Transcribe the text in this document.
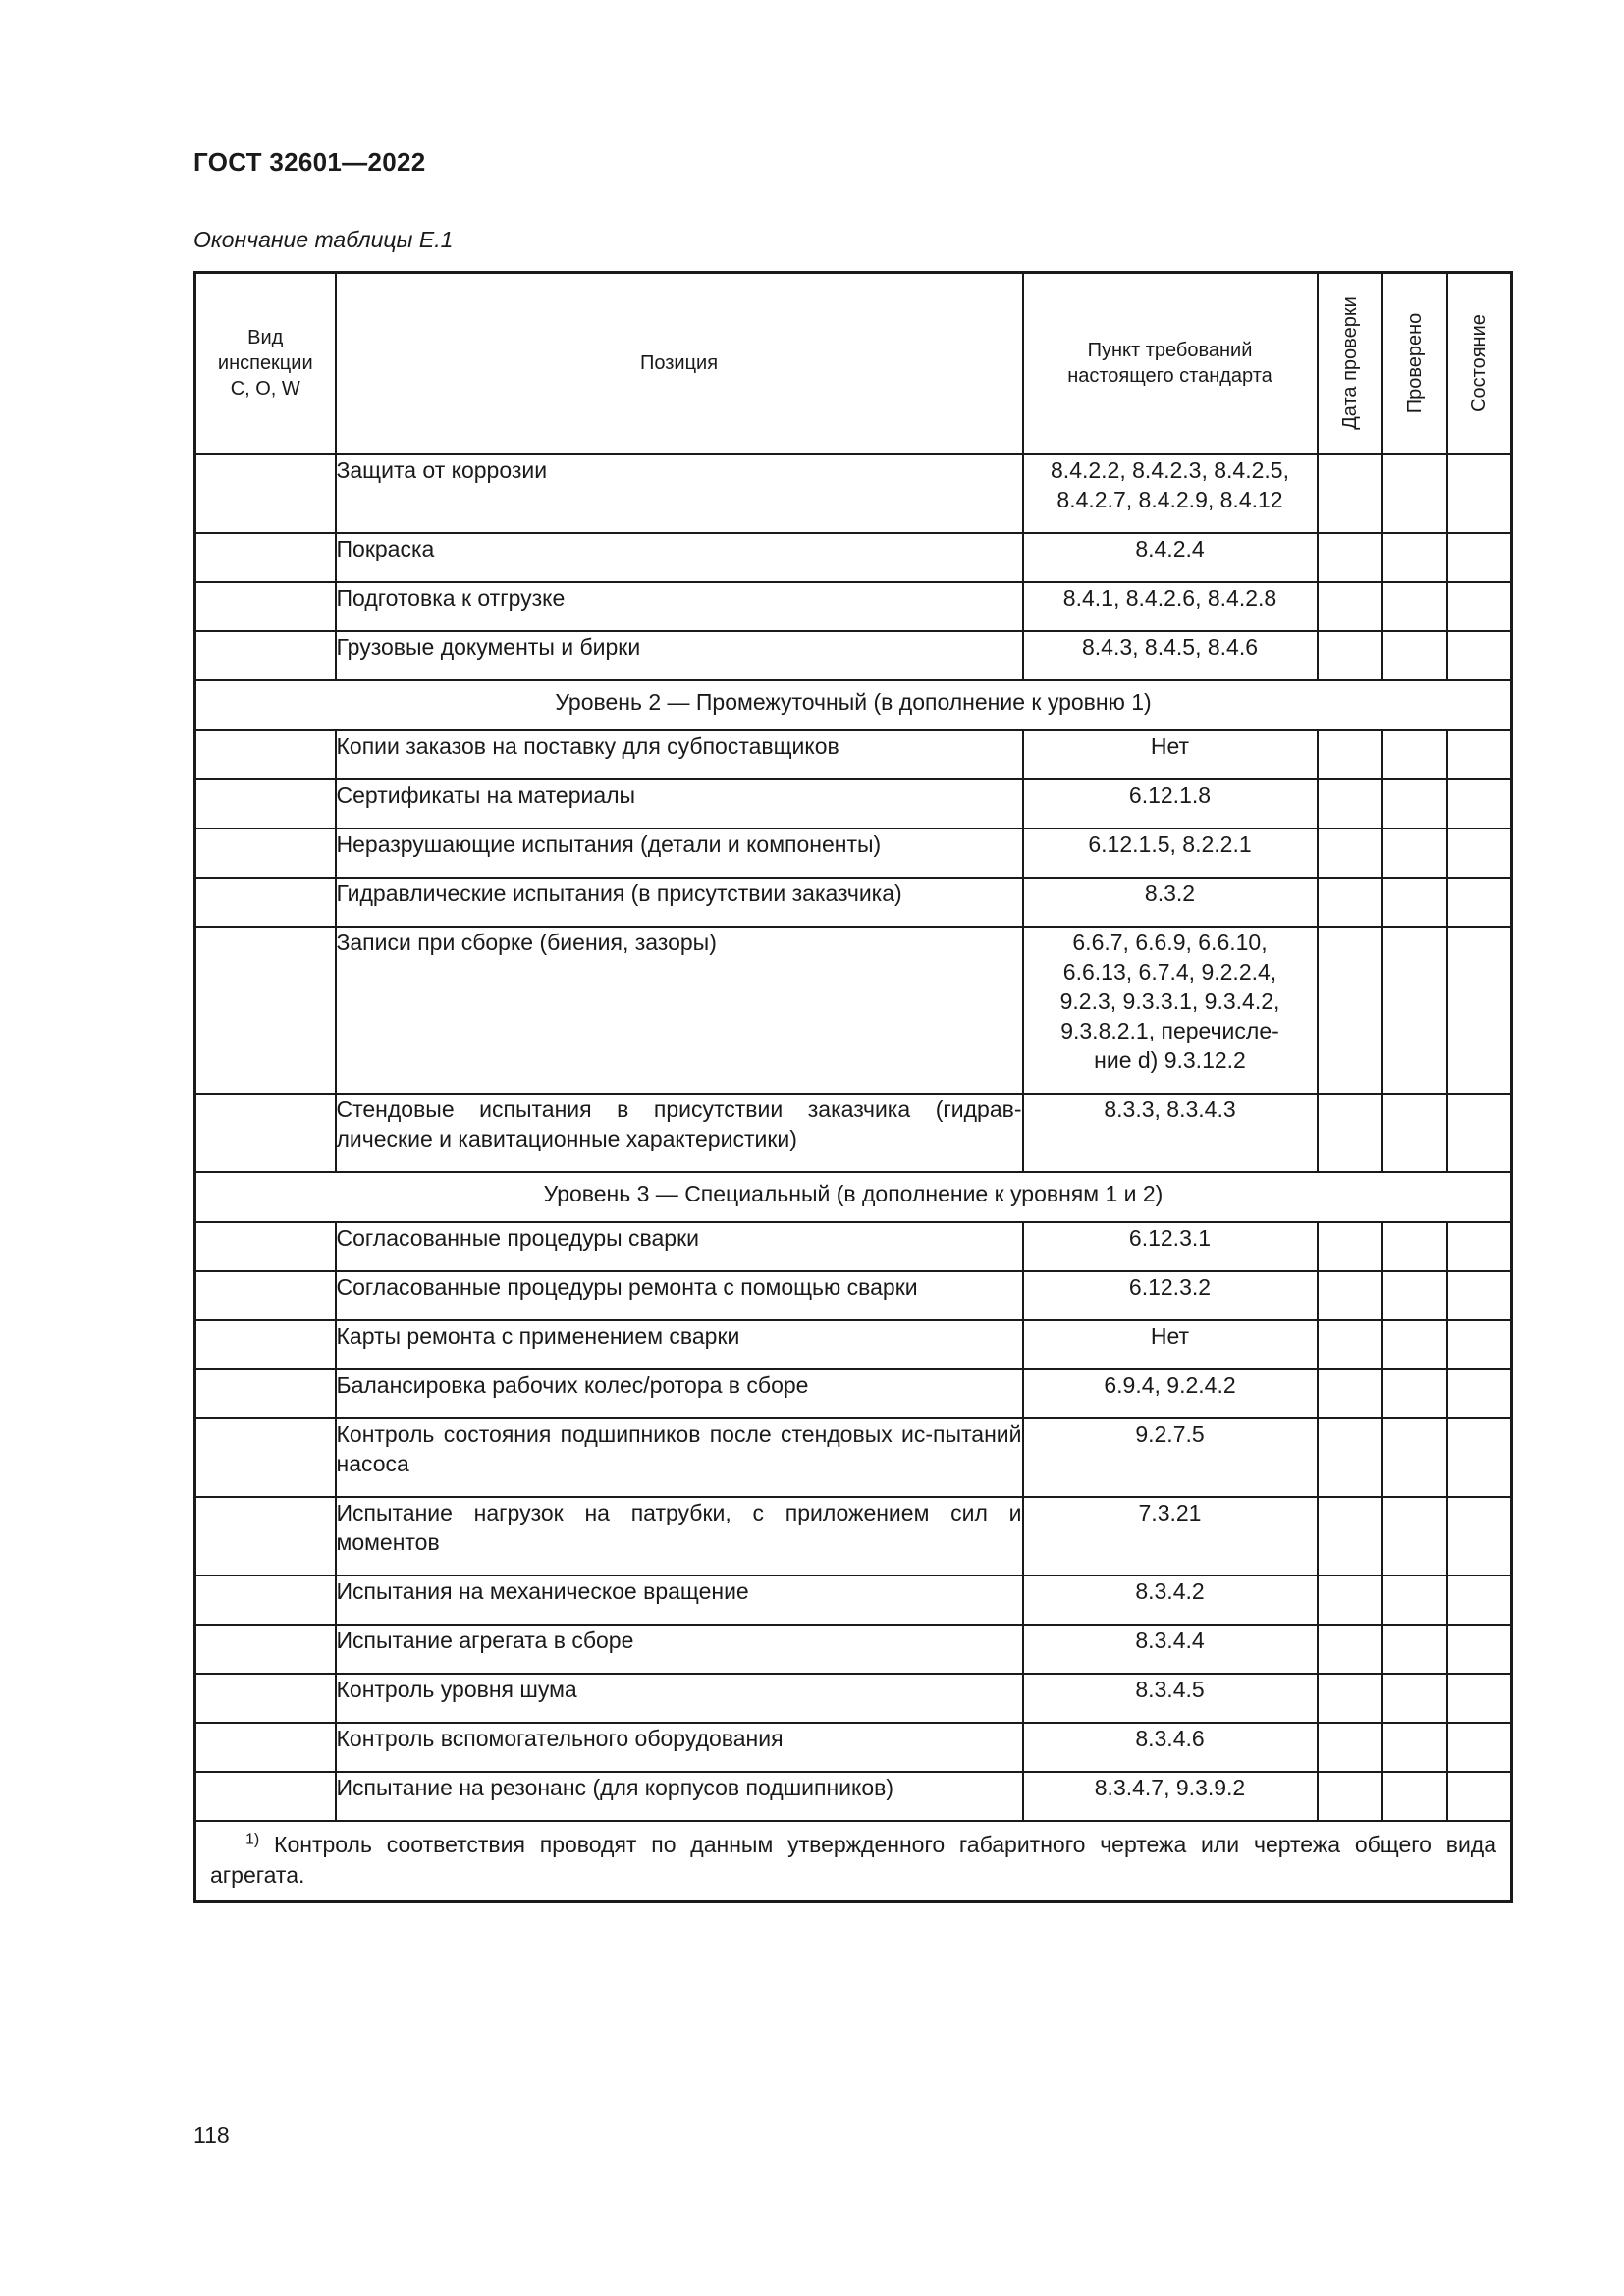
ГОСТ 32601—2022
Окончание таблицы Е.1
Вид инспекции С, О, W	Позиция	Пункт требований настоящего стандарта	Дата проверки	Проверено	Состояние

	Защита от коррозии	8.4.2.2, 8.4.2.3, 8.4.2.5, 8.4.2.7, 8.4.2.9, 8.4.12			

	Покраска	8.4.2.4			
	Подготовка к отгрузке	8.4.1, 8.4.2.6, 8.4.2.8			
	Грузовые документы и бирки	8.4.3, 8.4.5, 8.4.6			
Уровень 2 — Промежуточный (в дополнение к уровню 1)					
	Копии заказов на поставку для субпоставщиков	Нет			
	Сертификаты на материалы	6.12.1.8			
	Неразрушающие испытания (детали и компоненты)	6.12.1.5, 8.2.2.1			
	Гидравлические испытания (в присутствии заказчика)	8.3.2			
	Записи при сборке (биения, зазоры)	6.6.7, 6.6.9, 6.6.10, 6.6.13, 6.7.4, 9.2.2.4, 9.2.3, 9.3.3.1, 9.3.4.2, 9.3.8.2.1, перечисле-ние d) 9.3.12.2			

	Стендовые испытания в присутствии заказчика (гидрав-лические и кавитационные характеристики)	8.3.3, 8.3.4.3			
Уровень 3 — Специальный (в дополнение к уровням 1 и 2)					
	Согласованные процедуры сварки	6.12.3.1			
	Согласованные процедуры ремонта с помощью сварки	6.12.3.2			
	Карты ремонта с применением сварки	Нет			
	Балансировка рабочих колес/ротора в сборе	6.9.4, 9.2.4.2			
	Контроль состояния подшипников после стендовых ис-пытаний насоса	9.2.7.5			
	Испытание нагрузок на патрубки, с приложением сил и моментов	7.3.21			
	Испытания на механическое вращение	8.3.4.2			
	Испытание агрегата в сборе	8.3.4.4			
	Контроль уровня шума	8.3.4.5			
	Контроль вспомогательного оборудования	8.3.4.6			
	Испытание на резонанс (для корпусов подшипников)	8.3.4.7, 9.3.9.2			
$^{1)}$ Контроль соответствия проводят по данным утвержденного габаритного чертежа или чертежа общего вида агрегата.					
118
